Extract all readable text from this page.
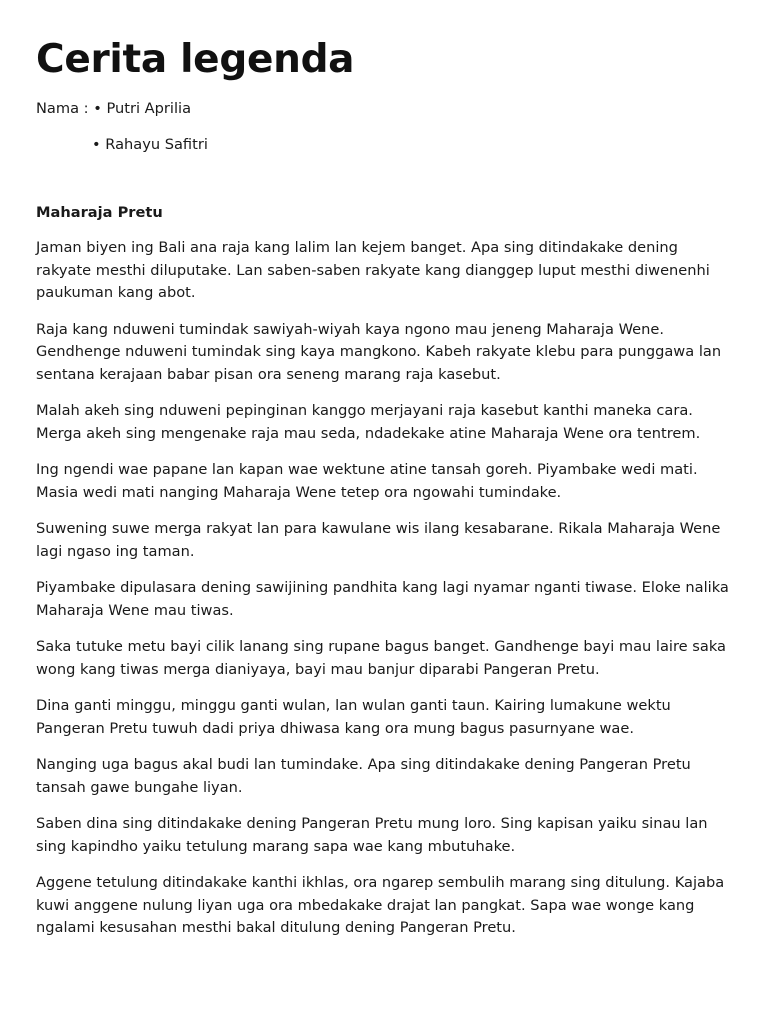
Cerita legenda

Nama : • Putri Aprilia

• Rahayu Safitri

Maharaja Pretu

Jaman biyen ing Bali ana raja kang lalim lan kejem banget. Apa sing ditindakake dening rakyate mesthi diluputake. Lan saben-saben rakyate kang dianggep luput mesthi diwenenhi paukuman kang abot.

Raja kang nduweni tumindak sawiyah-wiyah kaya ngono mau jeneng Maharaja Wene. Gendhenge nduweni tumindak sing kaya mangkono. Kabeh rakyate klebu para punggawa lan sentana kerajaan babar pisan ora seneng marang raja kasebut.

Malah akeh sing nduweni pepinginan kanggo merjayani raja kasebut kanthi maneka cara. Merga akeh sing mengenake raja mau seda, ndadekake atine Maharaja Wene ora tentrem.

Ing ngendi wae papane lan kapan wae wektune atine tansah goreh. Piyambake wedi mati. Masia wedi mati nanging Maharaja Wene tetep ora ngowahi tumindake.

Suwening suwe merga rakyat lan para kawulane wis ilang kesabarane. Rikala Maharaja Wene lagi ngaso ing taman.

Piyambake dipulasara dening sawijining pandhita kang lagi nyamar nganti tiwase. Eloke nalika Maharaja Wene mau tiwas.

Saka tutuke metu bayi cilik lanang sing rupane bagus banget. Gandhenge bayi mau laire saka wong kang tiwas merga dianiyaya, bayi mau banjur diparabi Pangeran Pretu.

Dina ganti minggu, minggu ganti wulan, lan wulan ganti taun. Kairing lumakune wektu Pangeran Pretu tuwuh dadi priya dhiwasa kang ora mung bagus pasurnyane wae.

Nanging uga bagus akal budi lan tumindake. Apa sing ditindakake dening Pangeran Pretu tansah gawe bungahe liyan.

Saben dina sing ditindakake dening Pangeran Pretu mung loro. Sing kapisan yaiku sinau lan sing kapindho yaiku tetulung marang sapa wae kang mbutuhake.

Aggene tetulung ditindakake kanthi ikhlas, ora ngarep sembulih marang sing ditulung. Kajaba kuwi anggene nulung liyan uga ora mbedakake drajat lan pangkat. Sapa wae wonge kang ngalami kesusahan mesthi bakal ditulung dening Pangeran Pretu.
